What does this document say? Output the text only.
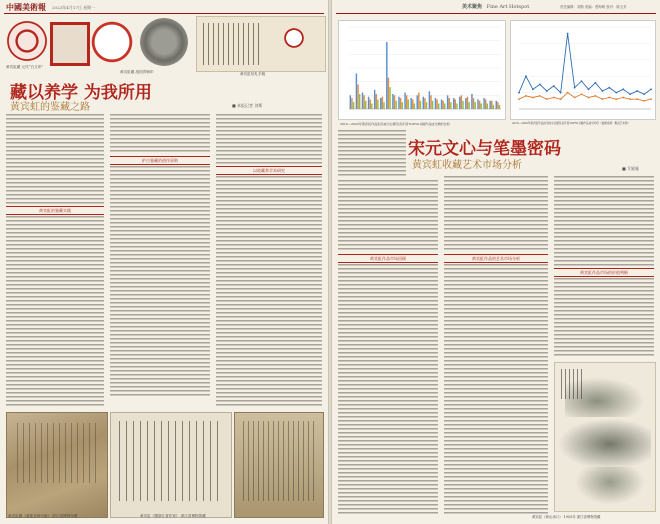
中國美術報 2023年4月17日 星期一
黄宾虹藏 元代“白文印”
黄宾虹藏 战国青铜印	黄宾虹信札手稿
藏以养学 为我所用
黄宾虹的鉴藏之路	■ 本报记者 刘斯
黄宾虹的鉴藏实践
护古鉴藏的创作原则
以收藏养学术研究
黄宾虹藏《重要各种书画》 浙江省博物馆藏	黄宾虹《赠浙江省作家》 浙江省博物馆藏
美术聚焦 Fine Art Hotspot	责任编辑：刘斯 美编：贾海明 校对：陈玉芳
2016—2020年黄宾虹作品拍卖成交总额及各年度TOP50书画作品成交额的比较	2016—2020年黄宾虹作品拍卖成交总额及各年度TOP50书画作品成交均价（数据来源：雅昌艺术网）
宋元文心与笔墨密码
黄宾虹收藏艺术市场分析	■ 艾妮娅
黄宾虹作品市场回顾	黄宾虹作品的艺术市场分析
黄宾虹作品市场的价值判断
黄宾虹《黄山汤口》 1953年 浙江省博物馆藏
